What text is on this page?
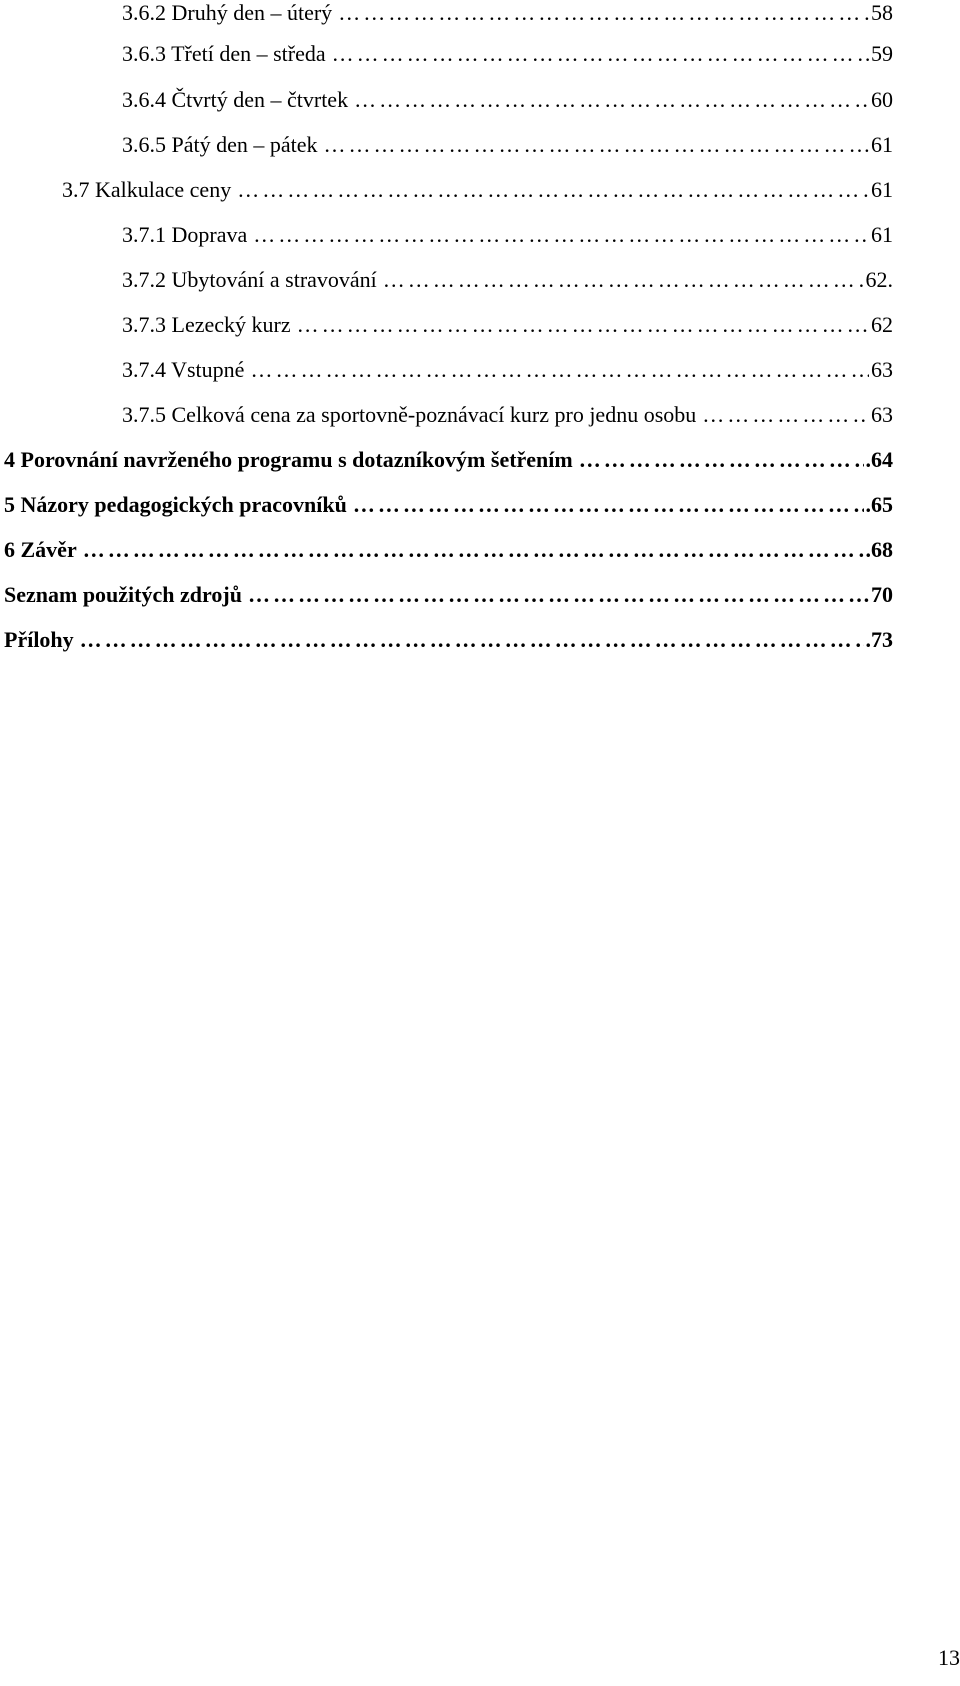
3.6.2 Druhý den – úterý …………………………………………………………………………………………………………………………………………………………………………………………………………………………………………………………	58
3.6.3 Třetí den – středa …………………………………………………………………………………………………………………………………………………………………………………………………………………………………………………………	59
3.6.4 Čtvrtý den – čtvrtek …………………………………………………………………………………………………………………………………………………………………………………………………………………………………………………………	60
3.6.5 Pátý den – pátek …………………………………………………………………………………………………………………………………………………………………………………………………………………………………………………………	61
3.7 Kalkulace ceny …………………………………………………………………………………………………………………………………………………………………………………………………………………………………………………………	61
3.7.1 Doprava …………………………………………………………………………………………………………………………………………………………………………………………………………………………………………………………	61
3.7.2 Ubytování a stravování …………………………………………………………………………………………………………………………………………………………………………………………………………………………………………………………	62.
3.7.3 Lezecký kurz …………………………………………………………………………………………………………………………………………………………………………………………………………………………………………………………	62
3.7.4 Vstupné …………………………………………………………………………………………………………………………………………………………………………………………………………………………………………………………	63
3.7.5 Celková cena za sportovně-poznávací kurz pro jednu osobu …………………………………………………………………………………………………………………………………………………………………………………………………………………………………………………………	63
4 Porovnání navrženého programu s dotazníkovým šetřením …………………………………………………………………………………………………………………………………………………………………………………………………………………………………………………………	.64
5 Názory pedagogických pracovníků …………………………………………………………………………………………………………………………………………………………………………………………………………………………………………………………	.65
6 Závěr …………………………………………………………………………………………………………………………………………………………………………………………………………………………………………………………	.68
Seznam použitých zdrojů …………………………………………………………………………………………………………………………………………………………………………………………………………………………………………………………	70
Přílohy …………………………………………………………………………………………………………………………………………………………………………………………………………………………………………………………	.73
13
